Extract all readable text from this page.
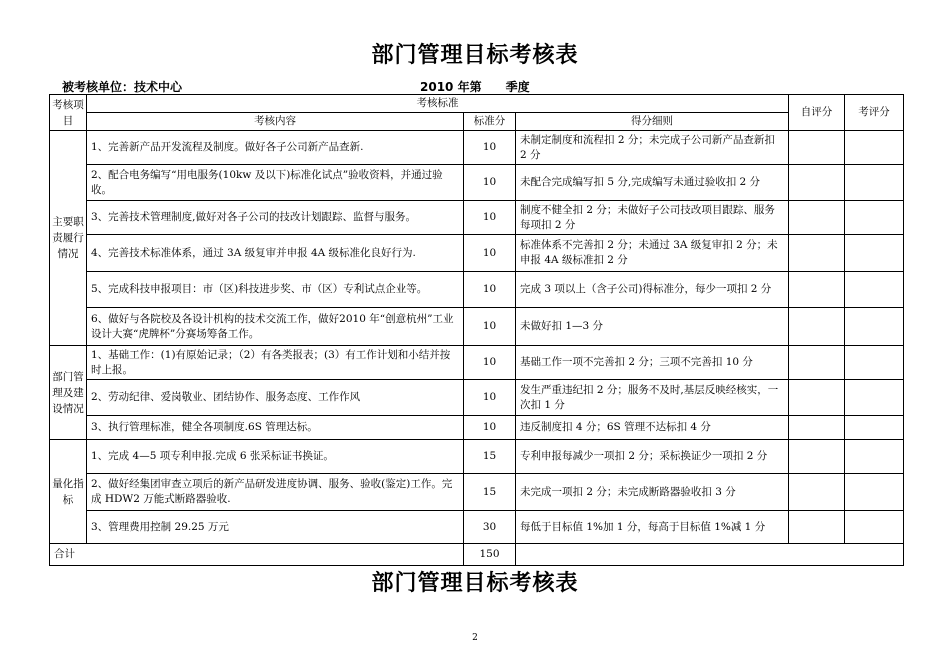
部门管理目标考核表
被考核单位：技术中心	2010 年第　　季度
考核项目	考核标准			自评分	考评分
	考核内容	标准分	得分细则		
主要职责履行情况	1、完善新产品开发流程及制度。做好各子公司新产品查新.	10	未制定制度和流程扣 2 分；未完成子公司新产品查新扣 2 分		
	2、配合电务编写“用电服务(10kw 及以下)标准化试点”验收资料，并通过验收。	10	未配合完成编写扣 5 分,完成编写未通过验收扣 2 分		
	3、完善技术管理制度,做好对各子公司的技改计划跟踪、监督与服务。	10	制度不健全扣 2 分；未做好子公司技改项目跟踪、服务每项扣 2 分		
	4、完善技术标准体系，通过 3A 级复审并申报 4A 级标准化良好行为.	10	标准体系不完善扣 2 分；未通过 3A 级复审扣 2 分；未申报 4A 级标准扣 2 分		
	5、完成科技申报项目：市（区)科技进步奖、市（区）专利试点企业等。	10	完成 3 项以上（含子公司)得标准分，每少一项扣 2 分		
	6、做好与各院校及各设计机构的技术交流工作，做好2010 年“创意杭州”工业设计大赛“虎牌杯”分赛场筹备工作。	10	未做好扣 1—3 分		
部门管理及建设情况	1、基础工作：(1)有原始记录；（2）有各类报表；(3）有工作计划和小结并按时上报。	10	基础工作一项不完善扣 2 分；三项不完善扣 10 分		
	2、劳动纪律、爱岗敬业、团结协作、服务态度、工作作风	10	发生严重违纪扣 2 分；服务不及时,基层反映经核实，一次扣 1 分		
	3、执行管理标准，健全各项制度.6S 管理达标。	10	违反制度扣 4 分；6S 管理不达标扣 4 分		
量化指标	1、完成 4—5 项专利申报.完成 6 张采标证书换证。	15	专利申报每减少一项扣 2 分；采标换证少一项扣 2 分		
	2、做好经集团审查立项后的新产品研发进度协调、服务、验收(鉴定)工作。完成 HDW2 万能式断路器验收.	15	未完成一项扣 2 分；未完成断路器验收扣 3 分		
	3、管理费用控制 29.25 万元	30	每低于目标值 1%加 1 分，每高于目标值 1%减 1 分		
合计		150			
部门管理目标考核表
2
